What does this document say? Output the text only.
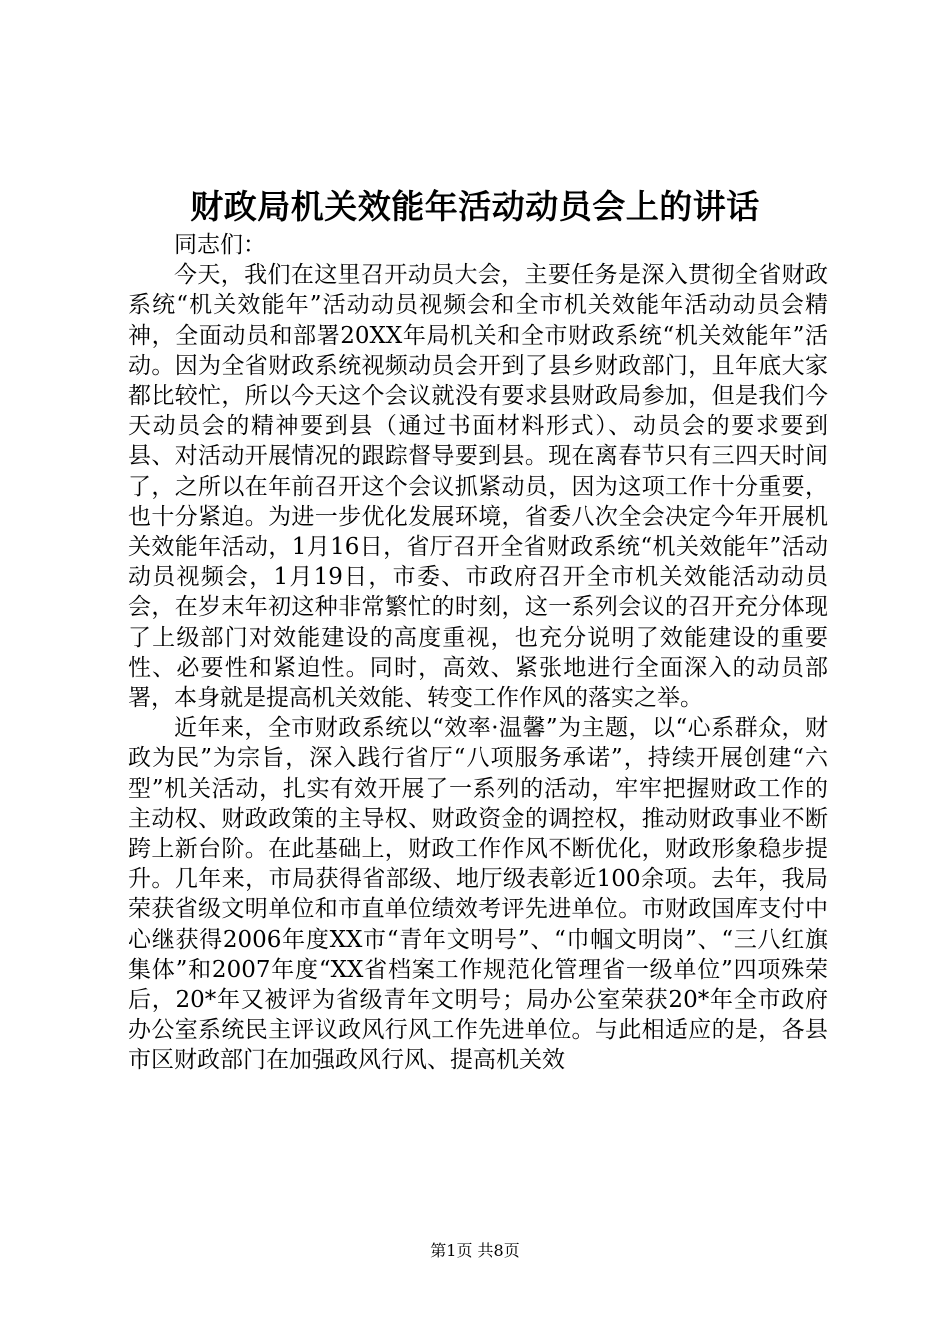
财政局机关效能年活动动员会上的讲话

同志们：

今天，我们在这里召开动员大会，主要任务是深入贯彻全省财政系统“机关效能年”活动动员视频会和全市机关效能年活动动员会精神，全面动员和部署20XX年局机关和全市财政系统“机关效能年”活动。因为全省财政系统视频动员会开到了县乡财政部门，且年底大家都比较忙，所以今天这个会议就没有要求县财政局参加，但是我们今天动员会的精神要到县（通过书面材料形式）、动员会的要求要到县、对活动开展情况的跟踪督导要到县。现在离春节只有三四天时间了，之所以在年前召开这个会议抓紧动员，因为这项工作十分重要，也十分紧迫。为进一步优化发展环境，省委八次全会决定今年开展机关效能年活动，1月16日，省厅召开全省财政系统“机关效能年”活动动员视频会，1月19日，市委、市政府召开全市机关效能活动动员会，在岁末年初这种非常繁忙的时刻，这一系列会议的召开充分体现了上级部门对效能建设的高度重视，也充分说明了效能建设的重要性、必要性和紧迫性。同时，高效、紧张地进行全面深入的动员部署，本身就是提高机关效能、转变工作作风的落实之举。

近年来，全市财政系统以“效率·温馨”为主题，以“心系群众，财政为民”为宗旨，深入践行省厅“八项服务承诺”，持续开展创建“六型”机关活动，扎实有效开展了一系列的活动，牢牢把握财政工作的主动权、财政政策的主导权、财政资金的调控权，推动财政事业不断跨上新台阶。在此基础上，财政工作作风不断优化，财政形象稳步提升。几年来，市局获得省部级、地厅级表彰近100余项。去年，我局荣获省级文明单位和市直单位绩效考评先进单位。市财政国库支付中心继获得2006年度XX市“青年文明号”、“巾帼文明岗”、“三八红旗集体”和2007年度“XX省档案工作规范化管理省一级单位”四项殊荣后，20*年又被评为省级青年文明号；局办公室荣获20*年全市政府办公室系统民主评议政风行风工作先进单位。与此相适应的是，各县市区财政部门在加强政风行风、提高机关效

第1页 共8页
